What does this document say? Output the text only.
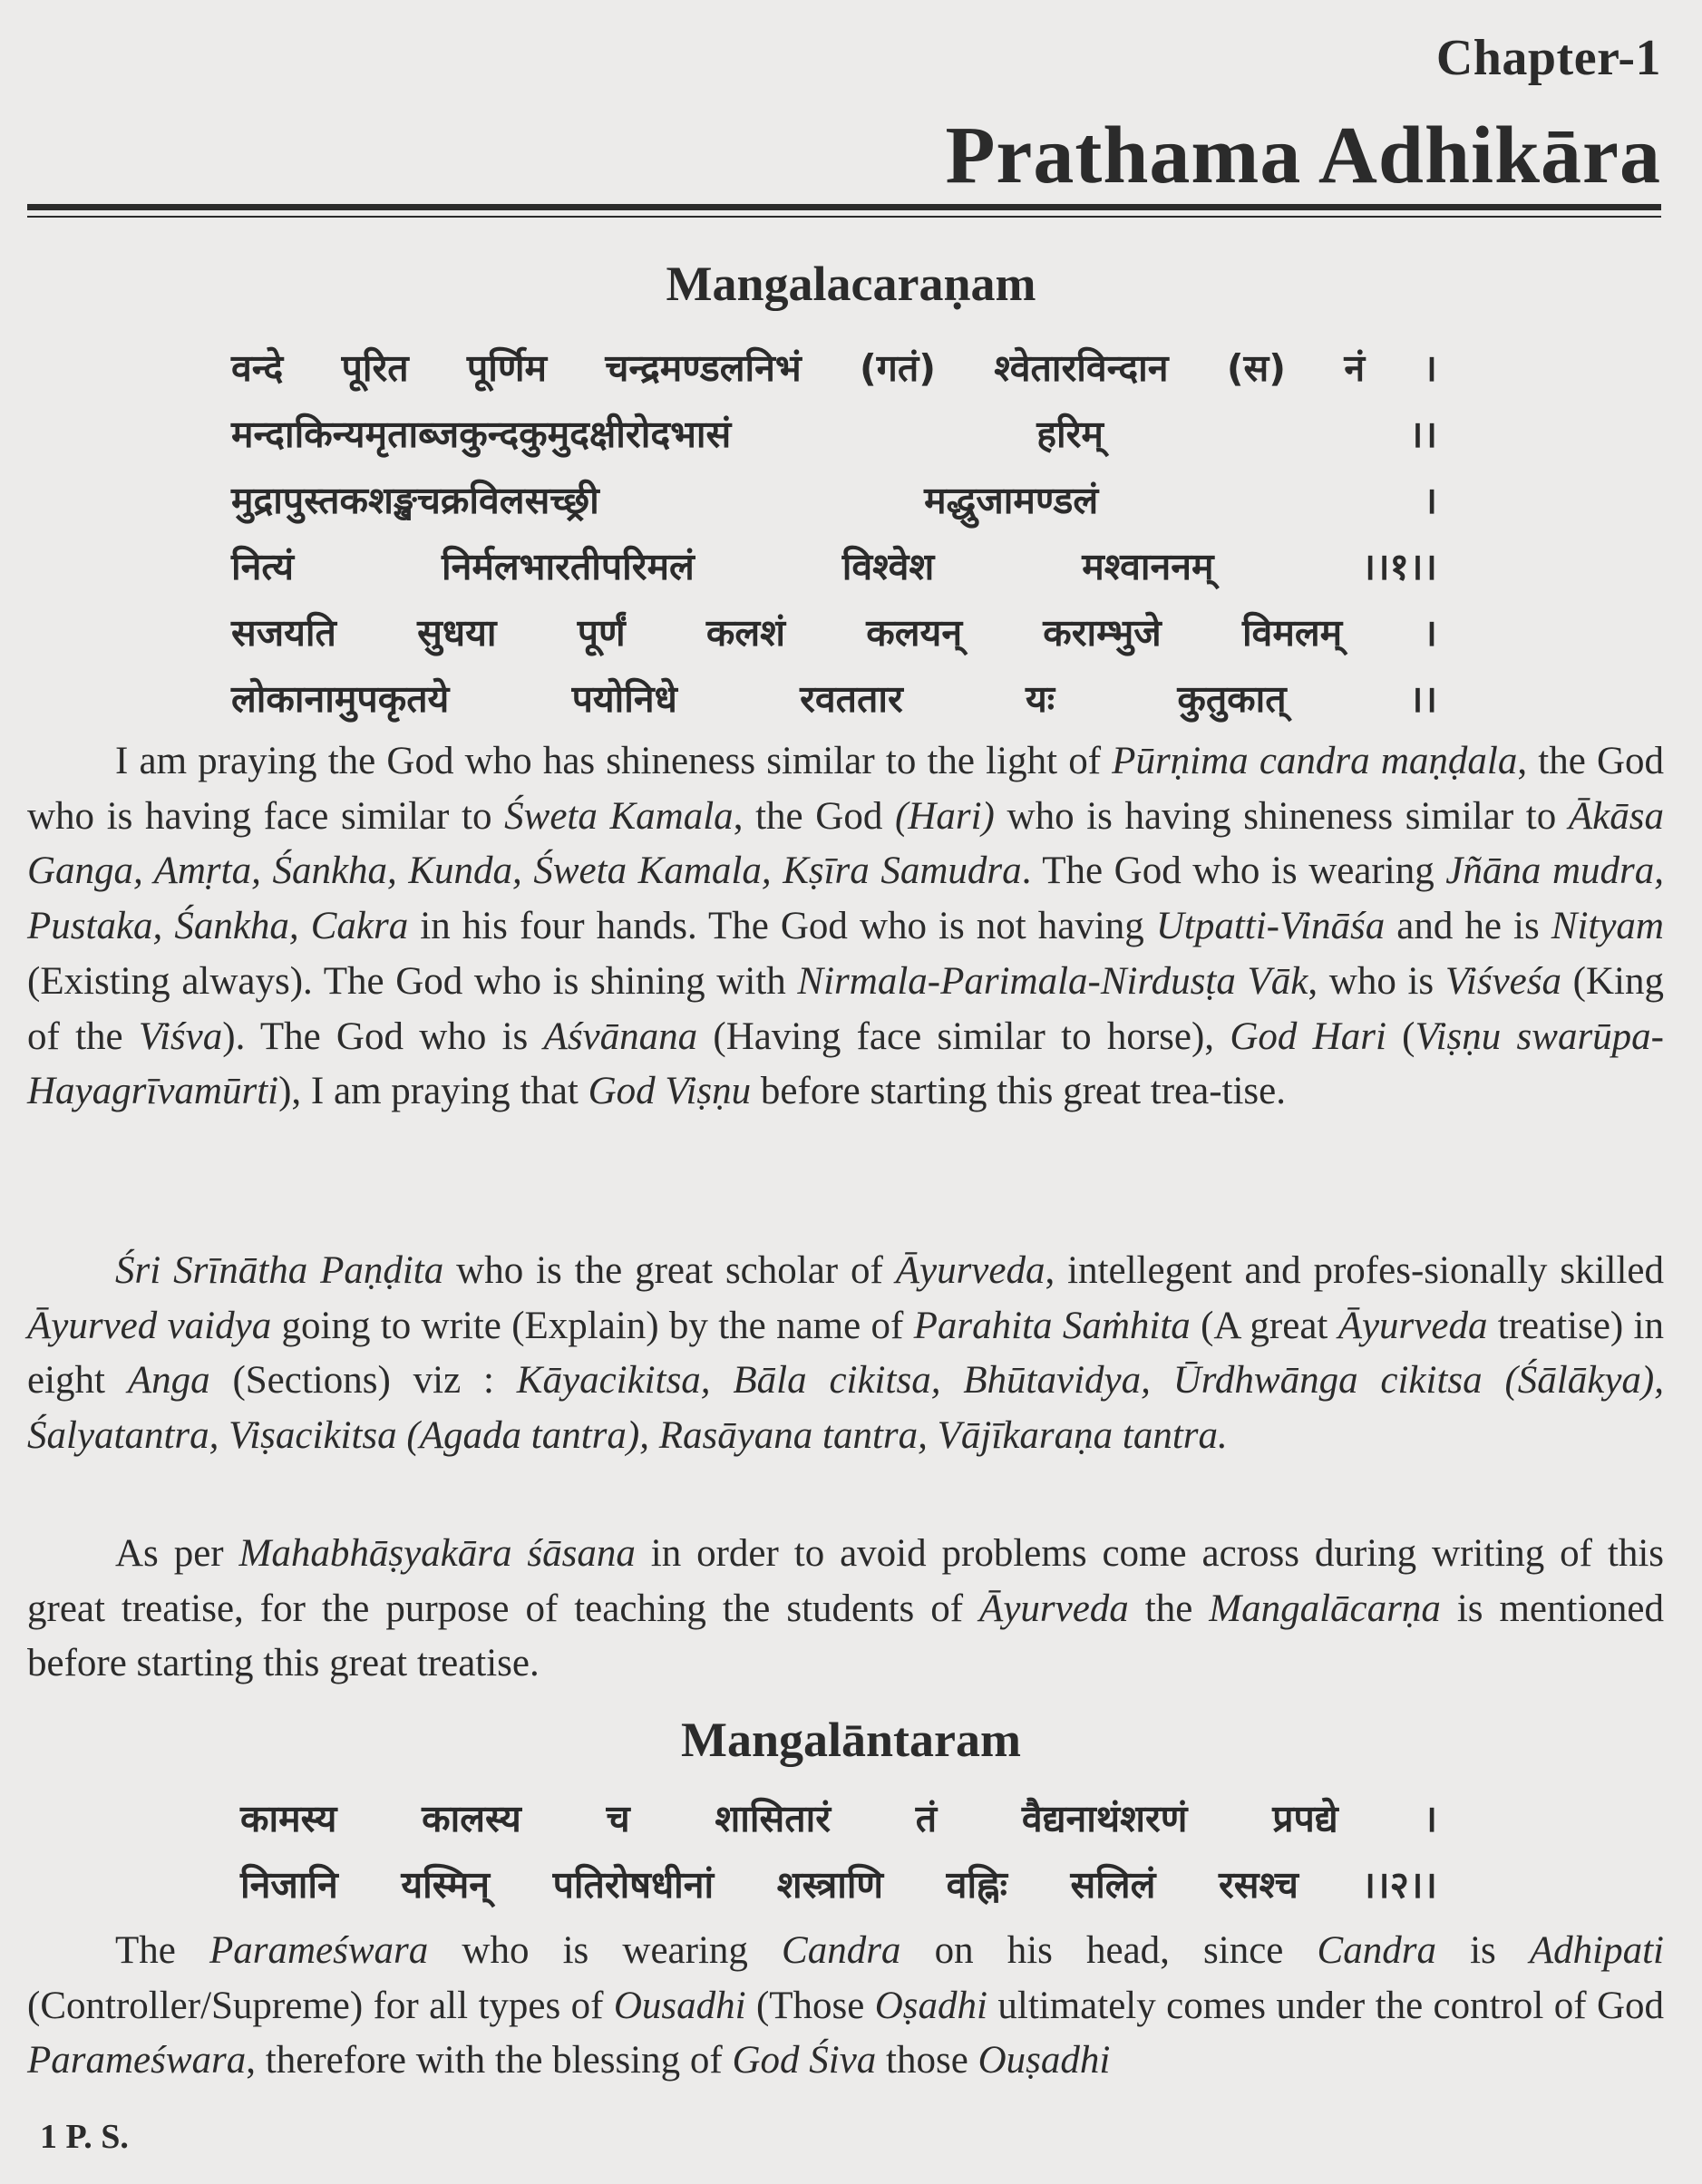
Chapter-1
Prathama Adhikāra
Mangalacaraṇam
वन्दे पूरित पूर्णिम चन्द्रमण्डलनिभं (गतं) श्वेतारविन्दान (स) नं ।
मन्दाकिन्यमृताब्जकुन्दकुमुदक्षीरोदभासं	हरिम्	।।
मुद्रापुस्तकशङ्खचक्रविलसच्छ्री	मद्धुजामण्डलं	।
नित्यं	निर्मलभारतीपरिमलं	विश्वेश	मश्वाननम्	।।१।।
सजयति सुधया पूर्णं कलशं कलयन् कराम्भुजे विमलम् ।
लोकानामुपकृतये	पयोनिधे	रवततार	यः	कुतुकात्	।।

I am praying the God who has shineness similar to the light of Pūrṇima candra maṇḍala, the God who is having face similar to Śweta Kamala, the God (Hari) who is having shineness similar to Ākāsa Ganga, Amṛta, Śankha, Kunda, Śweta Kamala, Kṣīra Samudra. The God who is wearing Jñāna mudra, Pustaka, Śankha, Cakra in his four hands. The God who is not having Utpatti-Vināśa and he is Nityam (Existing always). The God who is shining with Nirmala-Parimala-Nirdusṭa Vāk, who is Viśveśa (King of the Viśva). The God who is Aśvānana (Having face similar to horse), God Hari (Viṣṇu swarūpa-Hayagrīvamūrti), I am praying that God Viṣṇu before starting this great trea-tise.

Śri Srīnātha Paṇḍita who is the great scholar of Āyurveda, intellegent and profes-sionally skilled Āyurved vaidya going to write (Explain) by the name of Parahita Saṁhita (A great Āyurveda treatise) in eight Anga (Sections) viz : Kāyacikitsa, Bāla cikitsa, Bhūtavidya, Ūrdhwānga cikitsa (Śālākya), Śalyatantra, Viṣacikitsa (Agada tantra), Rasāyana tantra, Vājīkaraṇa tantra.

As per Mahabhāṣyakāra śāsana in order to avoid problems come across during writing of this great treatise, for the purpose of teaching the students of Āyurveda the Mangalācarṇa is mentioned before starting this great treatise.

Mangalāntaram
कामस्य कालस्य च शासितारं तं वैद्यनाथंशरणं प्रपद्ये ।
निजानि यस्मिन् पतिरोषधीनां शस्त्राणि वह्निः सलिलं रसश्च ।।२।।

The Parameśwara who is wearing Candra on his head, since Candra is Adhipati (Controller/Supreme) for all types of Ousadhi (Those Oṣadhi ultimately comes under the control of God Parameśwara, therefore with the blessing of God Śiva those Ouṣadhi

1 P. S.
